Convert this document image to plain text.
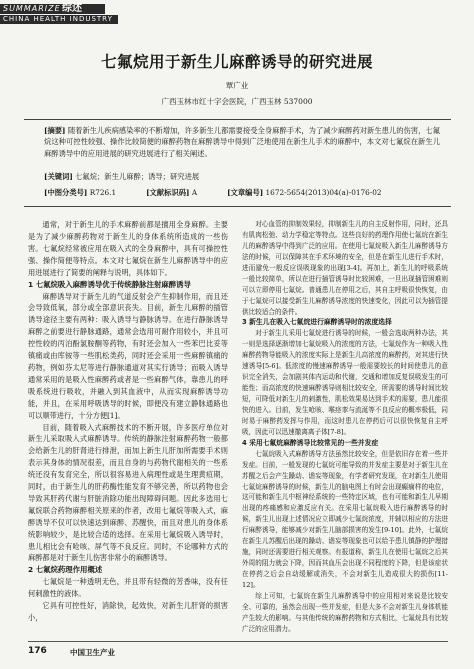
SUMMARIZE 综述
CHINA HEALTH INDUSTRY
七氟烷用于新生儿麻醉诱导的研究进展
覃广业
广西玉林市红十字会医院，广西玉林 537000
[摘要] 随着新生儿疾病感染率的不断增加，许多新生儿都需要接受全身麻醉手术，为了减少麻醉药对新生患儿的伤害，七氟烷这种可控性较强、操作比较简便的麻醉药物在麻醉诱导中得到广泛地使用在新生儿手术的麻醉中，本文对七氟烷在新生儿麻醉诱导中的应用进展的研究进展进行了相关阐述。
[关键词] 七氟烷；新生儿麻醉；诱导；研究进展
[中图分类号] R726.1	[文献标识码] A	[文章编号] 1672-5654(2013)04(a)-0176-02

通常，对于新生儿的手术麻醉前都是擅用全身麻醉。主要是为了减少麻醉药物对于新生儿的身体系统所造成的一些伤害。七氟烷经常被应用在吸入式的全身麻醉中，具有可操控性强、操作简便等特点。本文对七氟烷在新生儿麻醉诱导中的应用进展进行了简要的阐释与说明，具体如下。

1 七氟烷吸入麻醉诱导优于传统静脉注射麻醉诱导

麻醉诱导对于新生儿的气道反射会产生抑制作用，而且还会导致低氧，部分或全部意识丧失。目前，新生儿麻醉的插管诱导途径主要有两种：吸入诱导与静脉诱导。在进行静脉诱导麻醉之前要进行静脉通路，通常会选用可耐作用较小，并且可控性较的丙泊酚氯胺酮等药物，有时还会加入一些苯巴比妥等镇痛或由库铵等一些肌松类药，同时还会采用一些麻醉镇痛的药物，例如芬太尼等进行静脉通道对其实行诱导；而吸入诱导通常采用的是吸入性麻醉药或者是一些麻醉气体，靠患儿的呼吸系统进行吸收，并融入到其血液中，从而实现麻醉诱导功能，并且，在采用呼吸诱导的时候，即便没有建立静脉通路也可以顺带进行，十分方便[1]。

目前，随着吸入式麻醉技术的不断开展，许多医疗单位对新生儿采取吸入式麻醉诱导。传统的静脉注射麻醉药物一般都会给新生儿的肝肾进行排泄，而加上新生儿肝加所需要手术则表示其身体的情况很差，而且自身的与药物代谢相关的一些系统还没有发育完全，所以很容易进入病理性或是生理黄疸期，同时，由于新生儿的肝药酶性能发育不够完善，所以药物也会导致其肝药代谢与肝脏消除功能出现障碍问题。因此多选用七氟烷联合药物麻醉相关原来的作者，改用七氟烷等吸入式，麻醉诱导不仅可以快速达到麻醉、苏醒快，而且对患儿的身体系统影响较少，是比较合适的选择。在采用七氟烷吸入诱导时，患儿相比会有呛咳、屏气等不良反应。同时，不论哪种方式的麻醉都是对于新生儿伤害非常小的麻醉诱导。

2 七氟烷药理作用概述

七氟烷是一种透明无色，并且带有轻微的芳香味，没有任何刺激性的液体。

它具有可控性好，消除快，起效快，对新生儿肝肾的损害小，

对心血管的抑制效果轻，抑制新生儿的自主反射作用，同时，还具有肌肉松弛、动力学稳定等特点。这些良好的药理作用使七氟烷在新生儿的麻醉诱导中得到广泛的应用。在使用七氟烷吸入新生儿麻醉诱导方法的时候，可以保障其在手术环境的安全，但是在新生儿进行手术时，进而避免一般反应误吸现象的出现[3-4]。再加上，新生儿的呼吸系统一般比较简单，所以在进行插管诱导时比较困难，一旦出现插管困难则可以立即停用七氟烷。普通患儿在停用之后，其自主呼吸很快恢复，由于七氟烷可以接受新生儿麻醉诱导浓度的快速变化，因此可以为插管提供比较适合的条件。

3 新生儿在吸入七氟烷进行麻醉诱导时的浓度选择

对于新生儿采用七氟烷进行诱导的时候，一般会选取两种办法，其一则是选择逐渐增加七氟烷吸入的浓度的方法，七氟烷作为一种吸入性麻醉药物导能吸入的浓度实际上是新生儿高浓度的麻醉药，对其进行快速诱导[5-6]。低浓度的慢速麻醉诱导一般需要较长的时间使患儿的意识完全消失，会加剧其体内运动和代谢，交通和增加反复误吸发生的可能性；而高浓度的快速麻醉诱导则相比较安全，所需要的诱导时间比较短，可降低对新生儿的刺激性，肌松效果易达到手术的需要，患儿能很快的进入。目前，发生呛咳、喉痉挛与流涎等不良反应的概率极低，同时易于麻醉药发挥与作用，而这时患儿在停药后可以很快恢复自主呼吸，因此可以迅速撤离离子体[7-8]。

4 采用七氟烷麻醉诱导比较常见的一些并发症

七氟烷吸入式麻醉诱导方法虽然比较安全，但是依旧存在着一些并发症。目前，一般发现的七氟烷可能导致的并发症主要是对于新生儿在苏醒之后会产生躁动、谵妄等现象，有学者研究发现，在对新生儿使用七氟烷麻醉诱导的时候，新生儿的脑电图上有时会出现癫痫样的电位，这可能和新生儿中枢神经系统的一些特定区域，也有可能和新生儿早期出现的疼痛感和应激反应有关。在采用七氟烷吸入进行麻醉诱导的时候，新生儿出现上述情况应立即减少七氟烷浓度，并辅以相应的方法进行麻醉诱导，能够减少对新生儿脑部损害的发生[9-10]。此外，七氟烷在新生儿苏醒后出现的躁动、谵妄等现象也可以给予患儿镇静的护理措施，同时还需要进行相关观察。有报道称，新生儿在使用七氟烷之后其外周的阻力就会下降，因而其血压会出现不同程度的下降，但是该症状在停药之后会自动缓解或消失，不会对新生儿造成很大的损伤[11-12]。

综上可知，七氟烷在新生儿麻醉诱导中的应用相对来说是比较安全、可靠的，虽然会出现一些并发症，但是大多不会对新生儿身体机能产生较大的影响。与其他传统的麻醉药物和方式相比，七氟烷具有比较广泛的应用潜力。

176	中国卫生产业
